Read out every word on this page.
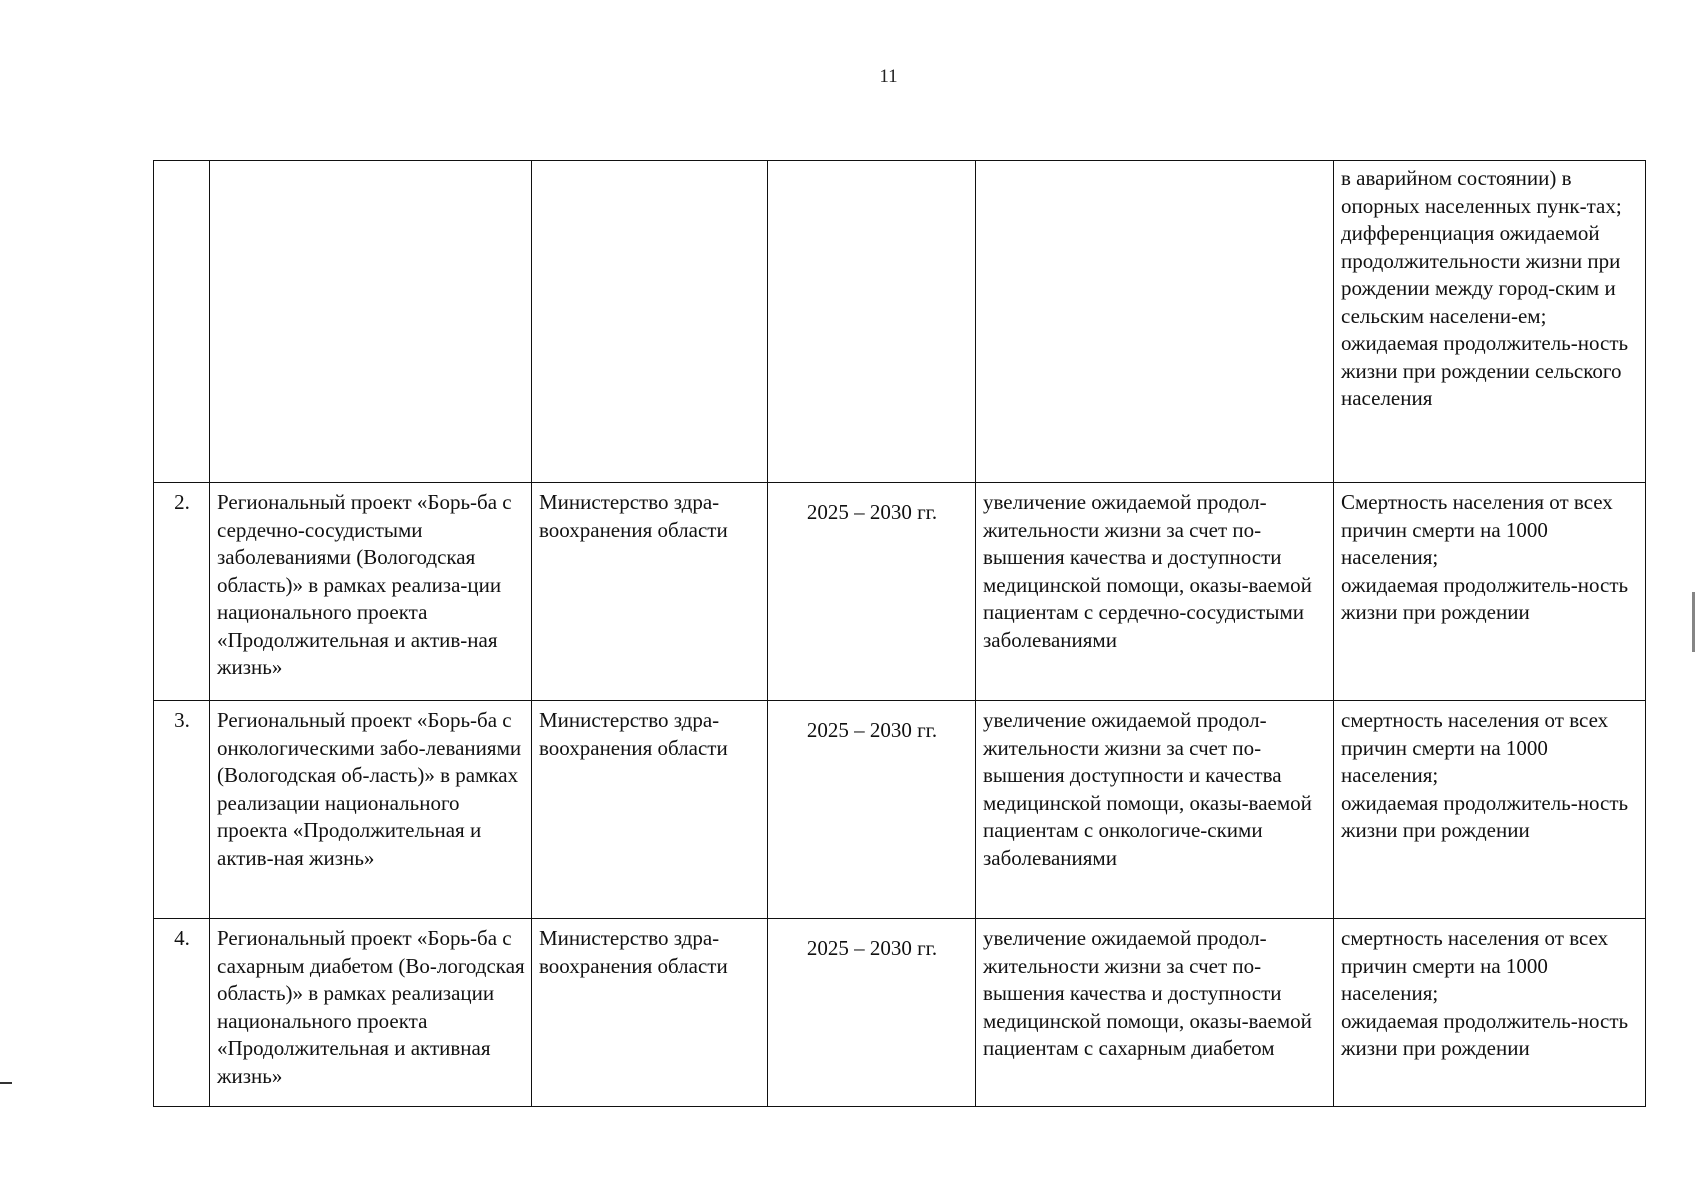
11

					в аварийном состоянии) в опорных населенных пунк-тах;
дифференциация ожидаемой продолжительности жизни при рождении между город-ским и сельским населени-ем;
ожидаемая продолжитель-ность жизни при рождении сельского населения

2.	Региональный проект «Борь-ба с сердечно-сосудистыми заболеваниями (Вологодская область)» в рамках реализа-ции национального проекта «Продолжительная и актив-ная жизнь»	Министерство здра-воохранения области	2025 – 2030 гг.	увеличение ожидаемой продол-жительности жизни за счет по-вышения качества и доступности медицинской помощи, оказы-ваемой пациентам с сердечно-сосудистыми заболеваниями	Смертность населения от всех причин смерти на 1000 населения;
ожидаемая продолжитель-ность жизни при рождении

3.	Региональный проект «Борь-ба с онкологическими забо-леваниями (Вологодская об-ласть)» в рамках реализации национального проекта «Продолжительная и актив-ная жизнь»	Министерство здра-воохранения области	2025 – 2030 гг.	увеличение ожидаемой продол-жительности жизни за счет по-вышения доступности и качества медицинской помощи, оказы-ваемой пациентам с онкологиче-скими заболеваниями	смертность населения от всех причин смерти на 1000 населения;
ожидаемая продолжитель-ность жизни при рождении

4.	Региональный проект «Борь-ба с сахарным диабетом (Во-логодская область)» в рамках реализации национального проекта «Продолжительная и активная жизнь»	Министерство здра-воохранения области	2025 – 2030 гг.	увеличение ожидаемой продол-жительности жизни за счет по-вышения качества и доступности медицинской помощи, оказы-ваемой пациентам с сахарным диабетом	смертность населения от всех причин смерти на 1000 населения;
ожидаемая продолжитель-ность жизни при рождении
